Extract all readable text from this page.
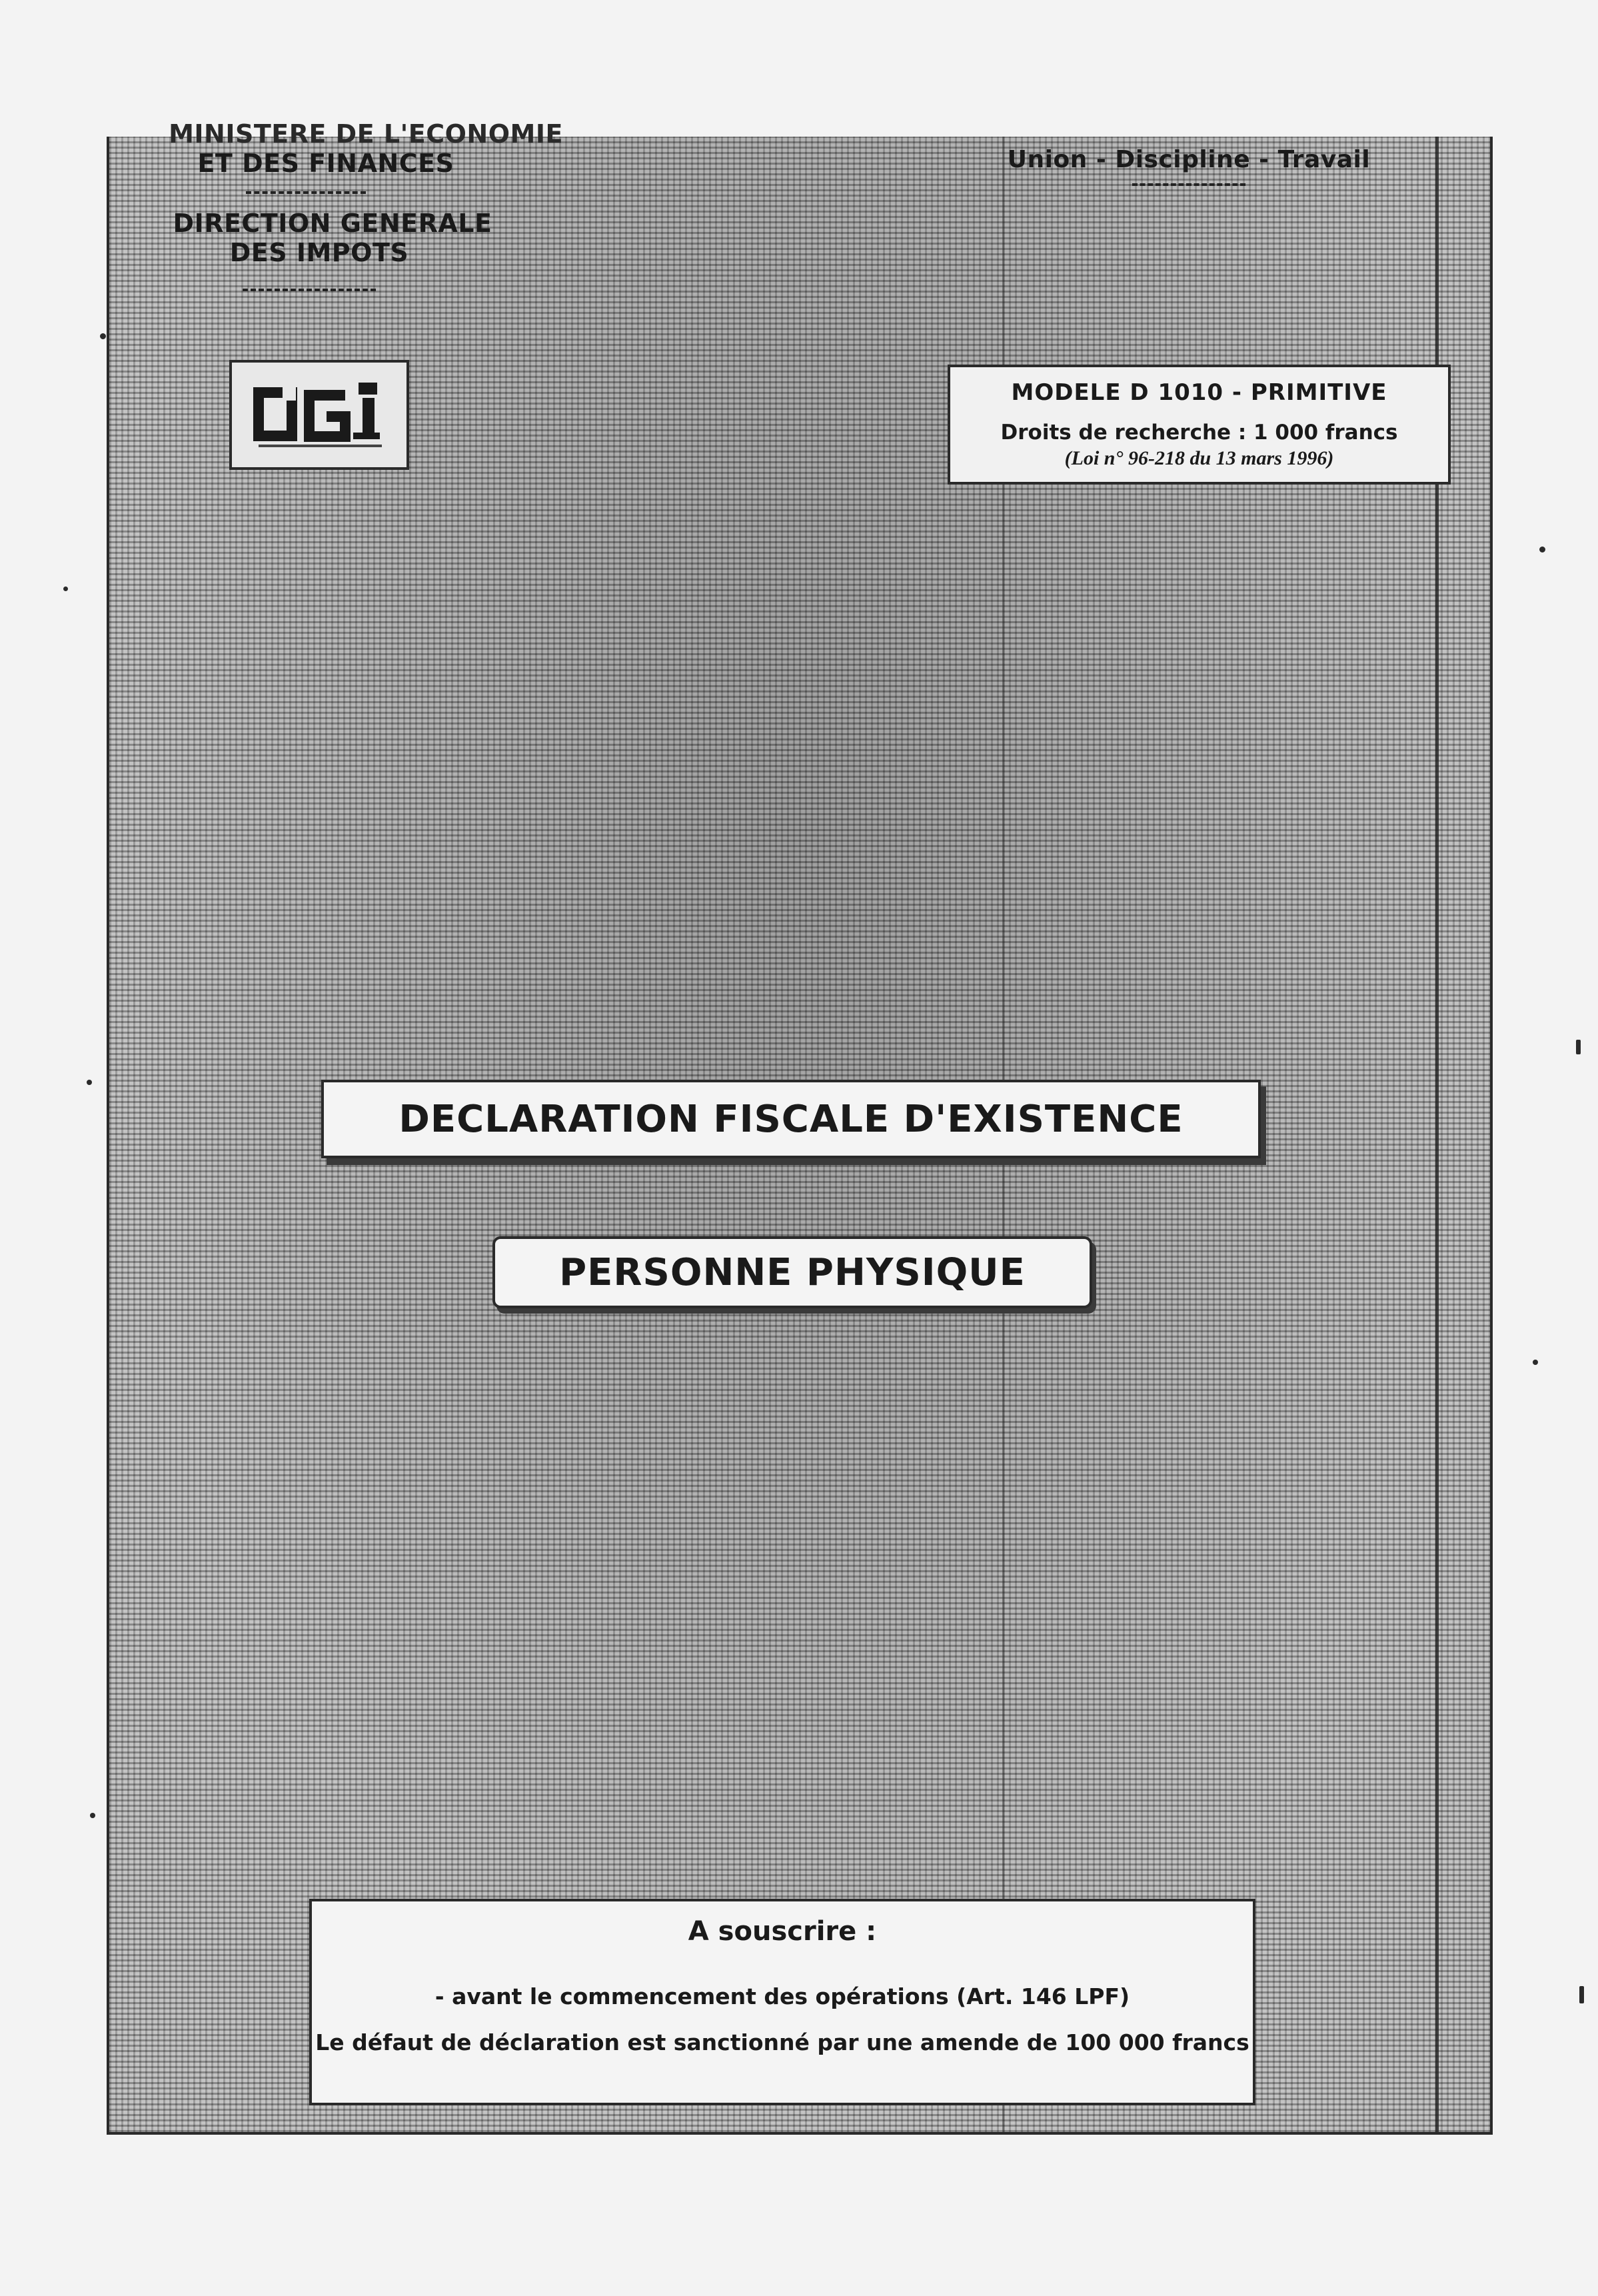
MINISTERE DE L'ECONOMIE
ET DES FINANCES
DIRECTION GENERALE
DES IMPOTS
Union - Discipline - Travail
MODELE D 1010 - PRIMITIVE
Droits de recherche : 1 000 francs
(Loi n° 96-218 du 13 mars 1996)
DECLARATION FISCALE D'EXISTENCE
PERSONNE PHYSIQUE
A souscrire :
- avant le commencement des opérations (Art. 146 LPF)
Le défaut de déclaration est sanctionné par une amende de 100 000 francs
